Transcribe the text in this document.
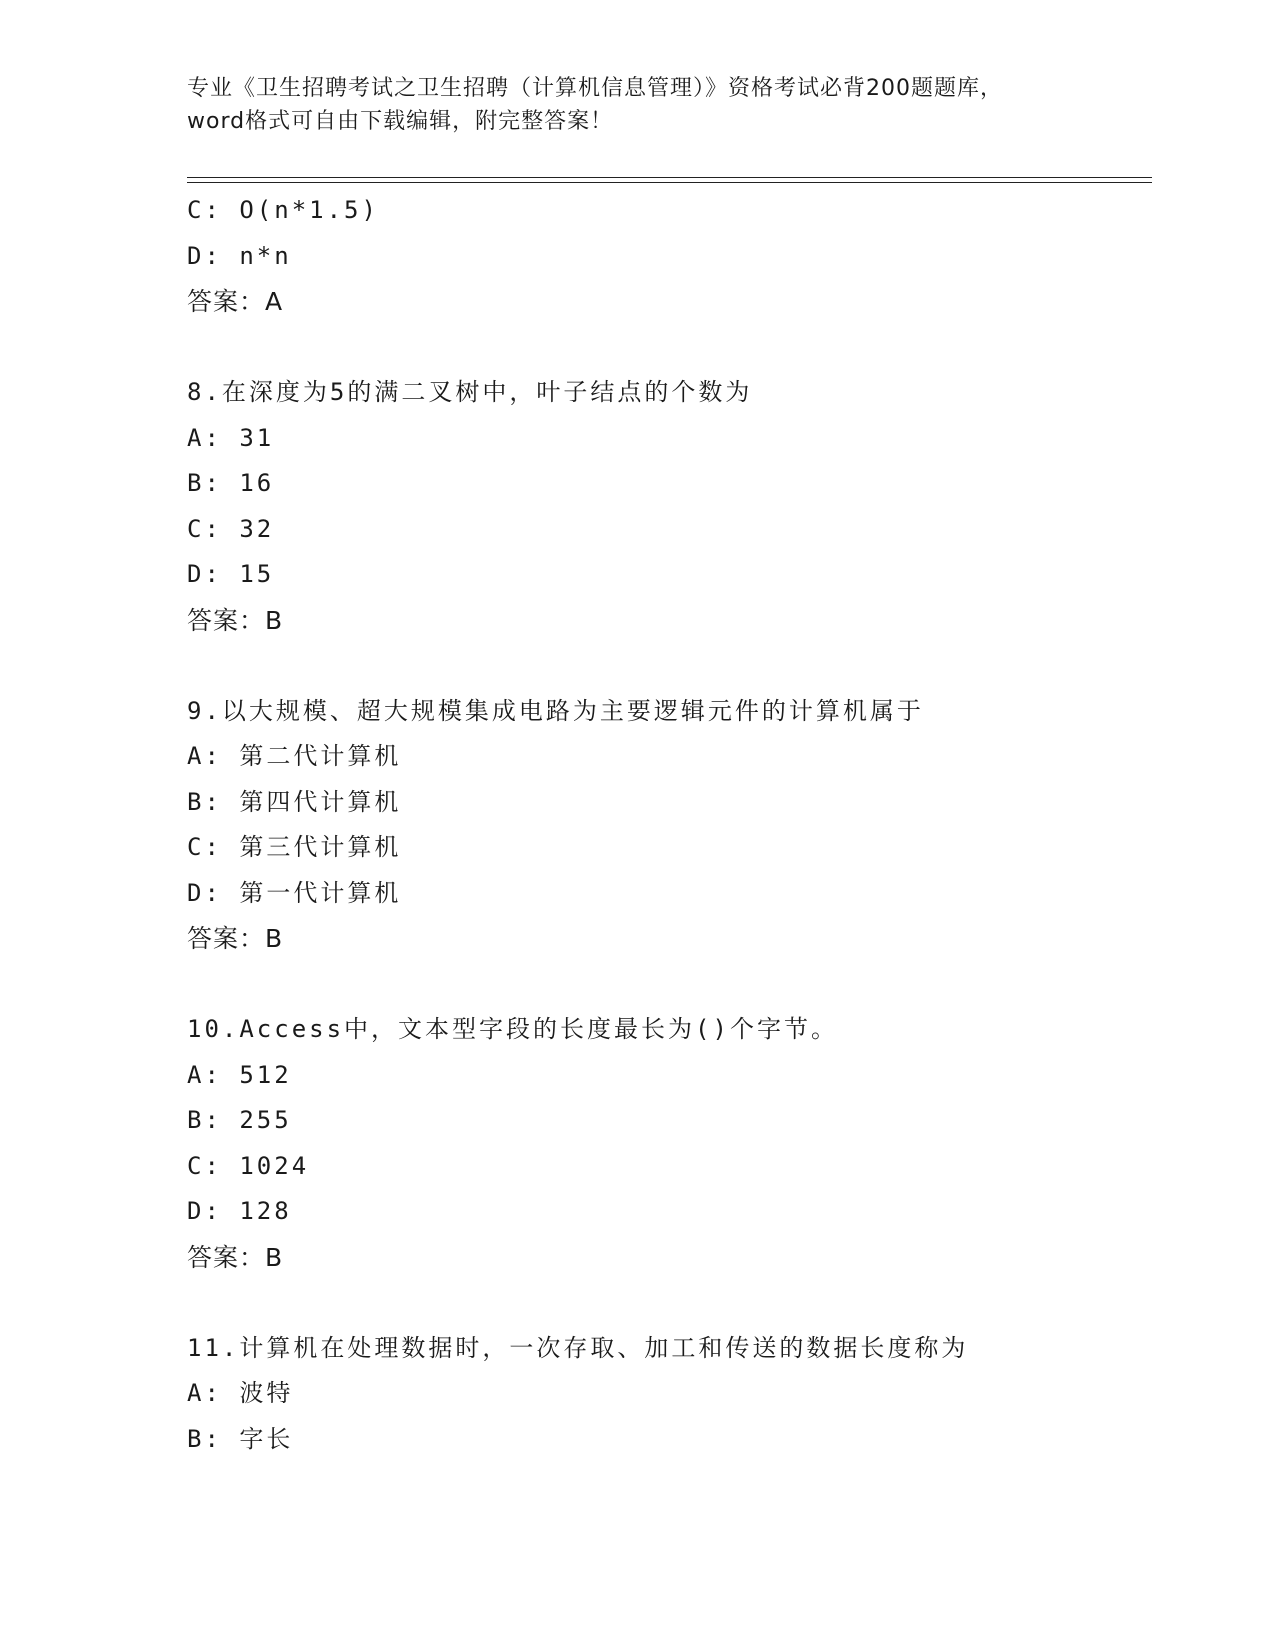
专业《卫生招聘考试之卫生招聘（计算机信息管理）》资格考试必背200题题库，
word格式可自由下载编辑，附完整答案！
C: O(n*1.5)
D: n*n
答案：A
8.在深度为5的满二叉树中，叶子结点的个数为
A: 31
B: 16
C: 32
D: 15
答案：B
9.以大规模、超大规模集成电路为主要逻辑元件的计算机属于
A: 第二代计算机
B: 第四代计算机
C: 第三代计算机
D: 第一代计算机
答案：B
10.Access中，文本型字段的长度最长为()个字节。
A: 512
B: 255
C: 1024
D: 128
答案：B
11.计算机在处理数据时，一次存取、加工和传送的数据长度称为
A: 波特
B: 字长
